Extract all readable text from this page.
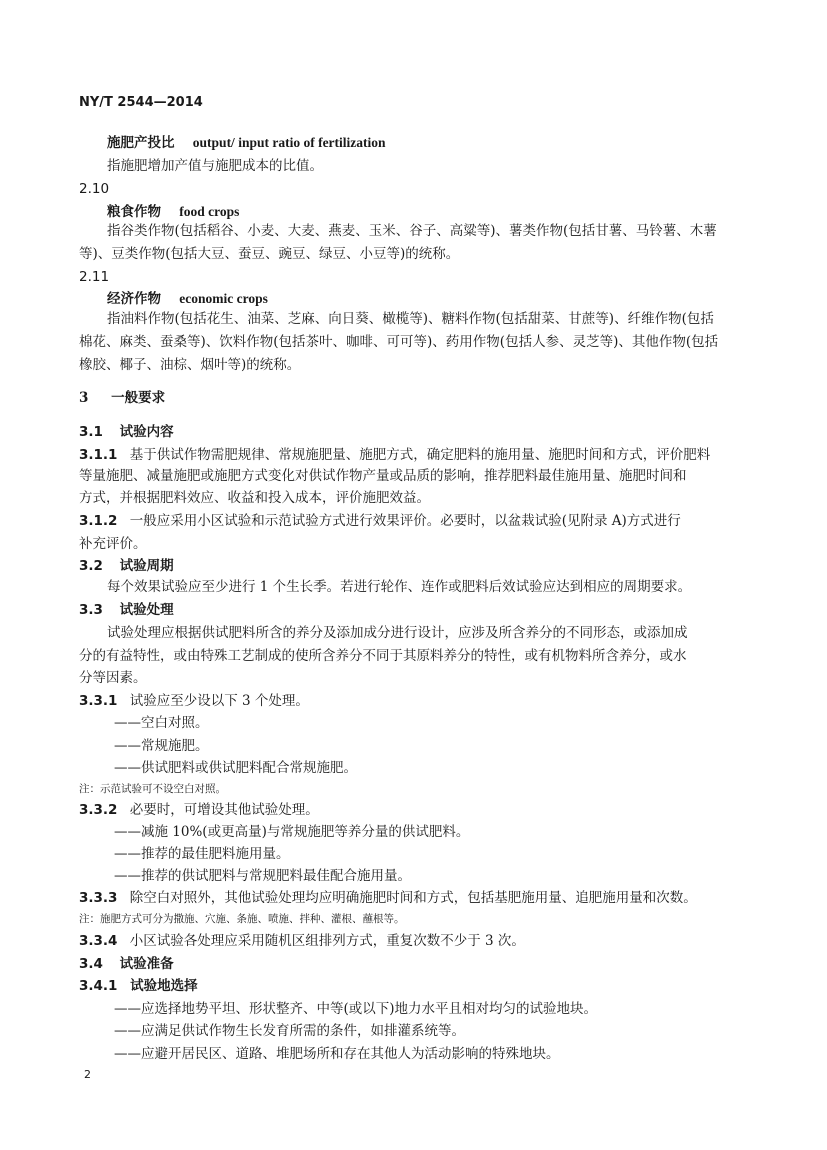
NY/T 2544—2014
施肥产投比 output/ input ratio of fertilization
指施肥增加产值与施肥成本的比值。
2.10
粮食作物 food crops
指谷类作物(包括稻谷、小麦、大麦、燕麦、玉米、谷子、高粱等)、薯类作物(包括甘薯、马铃薯、木薯
等)、豆类作物(包括大豆、蚕豆、豌豆、绿豆、小豆等)的统称。
2.11
经济作物 economic crops
指油料作物(包括花生、油菜、芝麻、向日葵、橄榄等)、糖料作物(包括甜菜、甘蔗等)、纤维作物(包括
棉花、麻类、蚕桑等)、饮料作物(包括茶叶、咖啡、可可等)、药用作物(包括人参、灵芝等)、其他作物(包括
橡胶、椰子、油棕、烟叶等)的统称。
3 一般要求
3.1 试验内容
3.1.1 基于供试作物需肥规律、常规施肥量、施肥方式，确定肥料的施用量、施肥时间和方式，评价肥料
等量施肥、减量施肥或施肥方式变化对供试作物产量或品质的影响，推荐肥料最佳施用量、施肥时间和
方式，并根据肥料效应、收益和投入成本，评价施肥效益。
3.1.2 一般应采用小区试验和示范试验方式进行效果评价。必要时，以盆栽试验(见附录 A)方式进行
补充评价。
3.2 试验周期
每个效果试验应至少进行 1 个生长季。若进行轮作、连作或肥料后效试验应达到相应的周期要求。
3.3 试验处理
试验处理应根据供试肥料所含的养分及添加成分进行设计，应涉及所含养分的不同形态，或添加成
分的有益特性，或由特殊工艺制成的使所含养分不同于其原料养分的特性，或有机物料所含养分，或水
分等因素。
3.3.1 试验应至少设以下 3 个处理。
——空白对照。
——常规施肥。
——供试肥料或供试肥料配合常规施肥。
注：示范试验可不设空白对照。
3.3.2 必要时，可增设其他试验处理。
——减施 10%(或更高量)与常规施肥等养分量的供试肥料。
——推荐的最佳肥料施用量。
——推荐的供试肥料与常规肥料最佳配合施用量。
3.3.3 除空白对照外，其他试验处理均应明确施肥时间和方式，包括基肥施用量、追肥施用量和次数。
注：施肥方式可分为撒施、穴施、条施、喷施、拌种、灌根、蘸根等。
3.3.4 小区试验各处理应采用随机区组排列方式，重复次数不少于 3 次。
3.4 试验准备
3.4.1 试验地选择
——应选择地势平坦、形状整齐、中等(或以下)地力水平且相对均匀的试验地块。
——应满足供试作物生长发育所需的条件，如排灌系统等。
——应避开居民区、道路、堆肥场所和存在其他人为活动影响的特殊地块。
2
